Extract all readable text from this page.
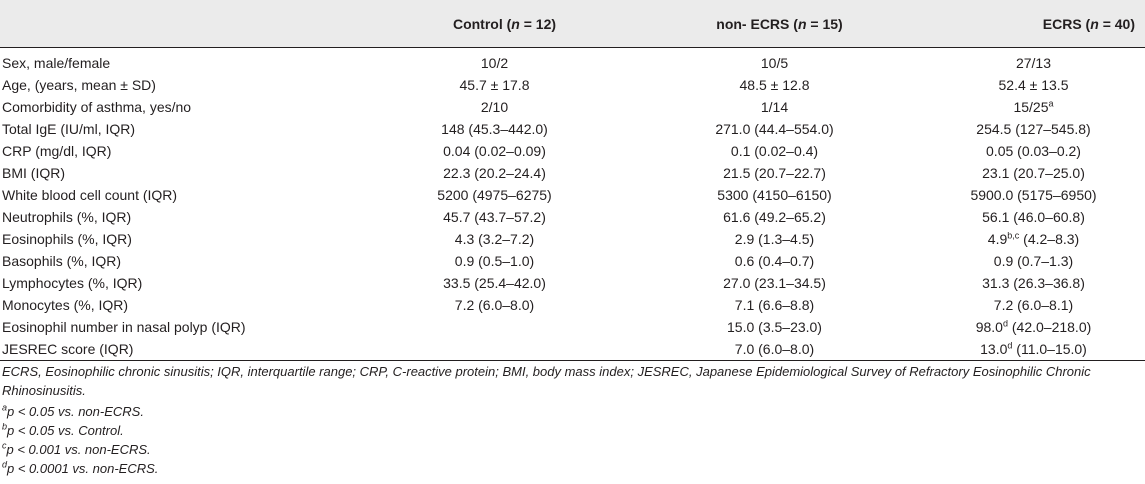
	Control (n = 12)	non- ECRS (n = 15)	ECRS (n = 40)
Sex, male/female	10/2	10/5	27/13
Age, (years, mean ± SD)	45.7 ± 17.8	48.5 ± 12.8	52.4 ± 13.5
Comorbidity of asthma, yes/no	2/10	1/14	15/25$^a$
Total IgE (IU/ml, IQR)	148 (45.3–442.0)	271.0 (44.4–554.0)	254.5 (127–545.8)
CRP (mg/dl, IQR)	0.04 (0.02–0.09)	0.1 (0.02–0.4)	0.05 (0.03–0.2)
BMI (IQR)	22.3 (20.2–24.4)	21.5 (20.7–22.7)	23.1 (20.7–25.0)
White blood cell count (IQR)	5200 (4975–6275)	5300 (4150–6150)	5900.0 (5175–6950)
Neutrophils (%, IQR)	45.7 (43.7–57.2)	61.6 (49.2–65.2)	56.1 (46.0–60.8)
Eosinophils (%, IQR)	4.3 (3.2–7.2)	2.9 (1.3–4.5)	4.9$^{b,c}$ (4.2–8.3)
Basophils (%, IQR)	0.9 (0.5–1.0)	0.6 (0.4–0.7)	0.9 (0.7–1.3)
Lymphocytes (%, IQR)	33.5 (25.4–42.0)	27.0 (23.1–34.5)	31.3 (26.3–36.8)
Monocytes (%, IQR)	7.2 (6.0–8.0)	7.1 (6.6–8.8)	7.2 (6.0–8.1)
Eosinophil number in nasal polyp (IQR)		15.0 (3.5–23.0)	98.0$^d$ (42.0–218.0)
JESREC score (IQR)		7.0 (6.0–8.0)	13.0$^d$ (11.0–15.0)

ECRS, Eosinophilic chronic sinusitis; IQR, interquartile range; CRP, C-reactive protein; BMI, body mass index; JESREC, Japanese Epidemiological Survey of Refractory Eosinophilic Chronic Rhinosinusitis.

$^a$p < 0.05 vs. non-ECRS.

$^b$p < 0.05 vs. Control.

$^c$p < 0.001 vs. non-ECRS.

$^d$p < 0.0001 vs. non-ECRS.
